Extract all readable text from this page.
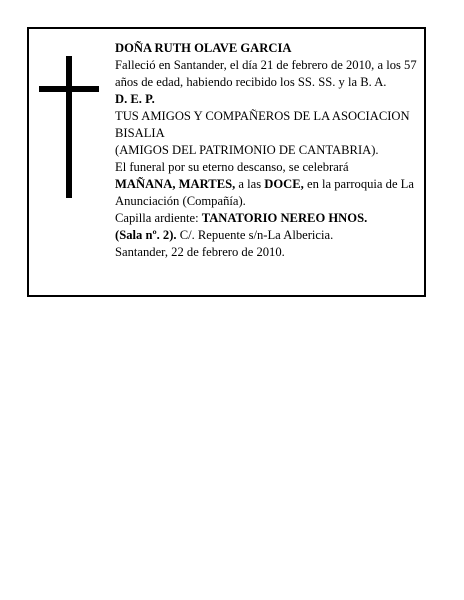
DOÑA RUTH OLAVE GARCIA

Falleció en Santander, el día 21 de febrero de 2010, a los 57 años de edad, habiendo recibido los SS. SS. y la B. A.

D. E. P.

TUS AMIGOS Y COMPAÑEROS DE LA ASOCIACION BISALIA

(AMIGOS DEL PATRIMONIO DE CANTABRIA).

El funeral por su eterno descanso, se celebrará
MAÑANA, MARTES, a las DOCE, en la parroquia de La Anunciación (Compañía).

Capilla ardiente: TANATORIO NEREO HNOS.
(Sala nº. 2). C/. Repuente s/n-La Albericia.

Santander, 22 de febrero de 2010.
